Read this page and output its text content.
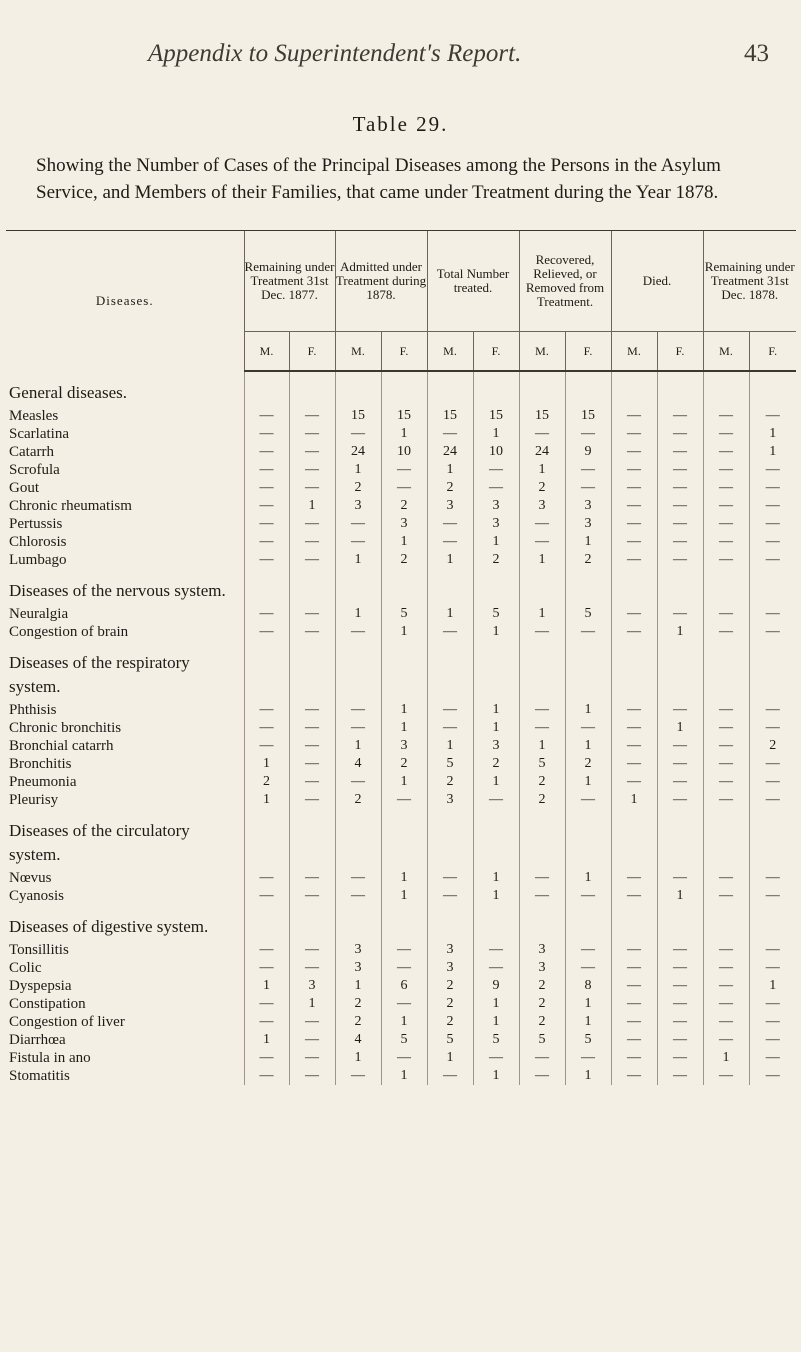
Appendix to Superintendent's Report.	43
Table 29.
Showing the Number of Cases of the Principal Diseases among the Persons in the Asylum Service, and Members of their Families, that came under Treatment during the Year 1878.
Diseases.	Remaining under Treatment 31st Dec. 1877.		Admitted under Treatment during 1878.		Total Number treated.		Recovered, Relieved, or Removed from Treatment.		Died.		Remaining under Treatment 31st Dec. 1878.	
	M.	F.	M.	F.	M.	F.	M.	F.	M.	F.	M.	F.
General diseases.												
Measles	—	—	15	15	15	15	15	15	—	—	—	—
Scarlatina	—	—	—	1	—	1	—	—	—	—	—	1
Catarrh	—	—	24	10	24	10	24	9	—	—	—	1
Scrofula	—	—	1	—	1	—	1	—	—	—	—	—
Gout	—	—	2	—	2	—	2	—	—	—	—	—
Chronic rheumatism	—	1	3	2	3	3	3	3	—	—	—	—
Pertussis	—	—	—	3	—	3	—	3	—	—	—	—
Chlorosis	—	—	—	1	—	1	—	1	—	—	—	—
Lumbago	—	—	1	2	1	2	1	2	—	—	—	—
Diseases of the nervous system.												
Neuralgia	—	—	1	5	1	5	1	5	—	—	—	—
Congestion of brain	—	—	—	1	—	1	—	—	—	1	—	—
Diseases of the respiratory system.												
Phthisis	—	—	—	1	—	1	—	1	—	—	—	—
Chronic bronchitis	—	—	—	1	—	1	—	—	—	1	—	—
Bronchial catarrh	—	—	1	3	1	3	1	1	—	—	—	2
Bronchitis	1	—	4	2	5	2	5	2	—	—	—	—
Pneumonia	2	—	—	1	2	1	2	1	—	—	—	—
Pleurisy	1	—	2	—	3	—	2	—	1	—	—	—
Diseases of the circulatory system.												
Nœvus	—	—	—	1	—	1	—	1	—	—	—	—
Cyanosis	—	—	—	1	—	1	—	—	—	1	—	—
Diseases of digestive system.												
Tonsillitis	—	—	3	—	3	—	3	—	—	—	—	—
Colic	—	—	3	—	3	—	3	—	—	—	—	—
Dyspepsia	1	3	1	6	2	9	2	8	—	—	—	1
Constipation	—	1	2	—	2	1	2	1	—	—	—	—
Congestion of liver	—	—	2	1	2	1	2	1	—	—	—	—
Diarrhœa	1	—	4	5	5	5	5	5	—	—	—	—
Fistula in ano	—	—	1	—	1	—	—	—	—	—	1	—
Stomatitis	—	—	—	1	—	1	—	1	—	—	—	—
